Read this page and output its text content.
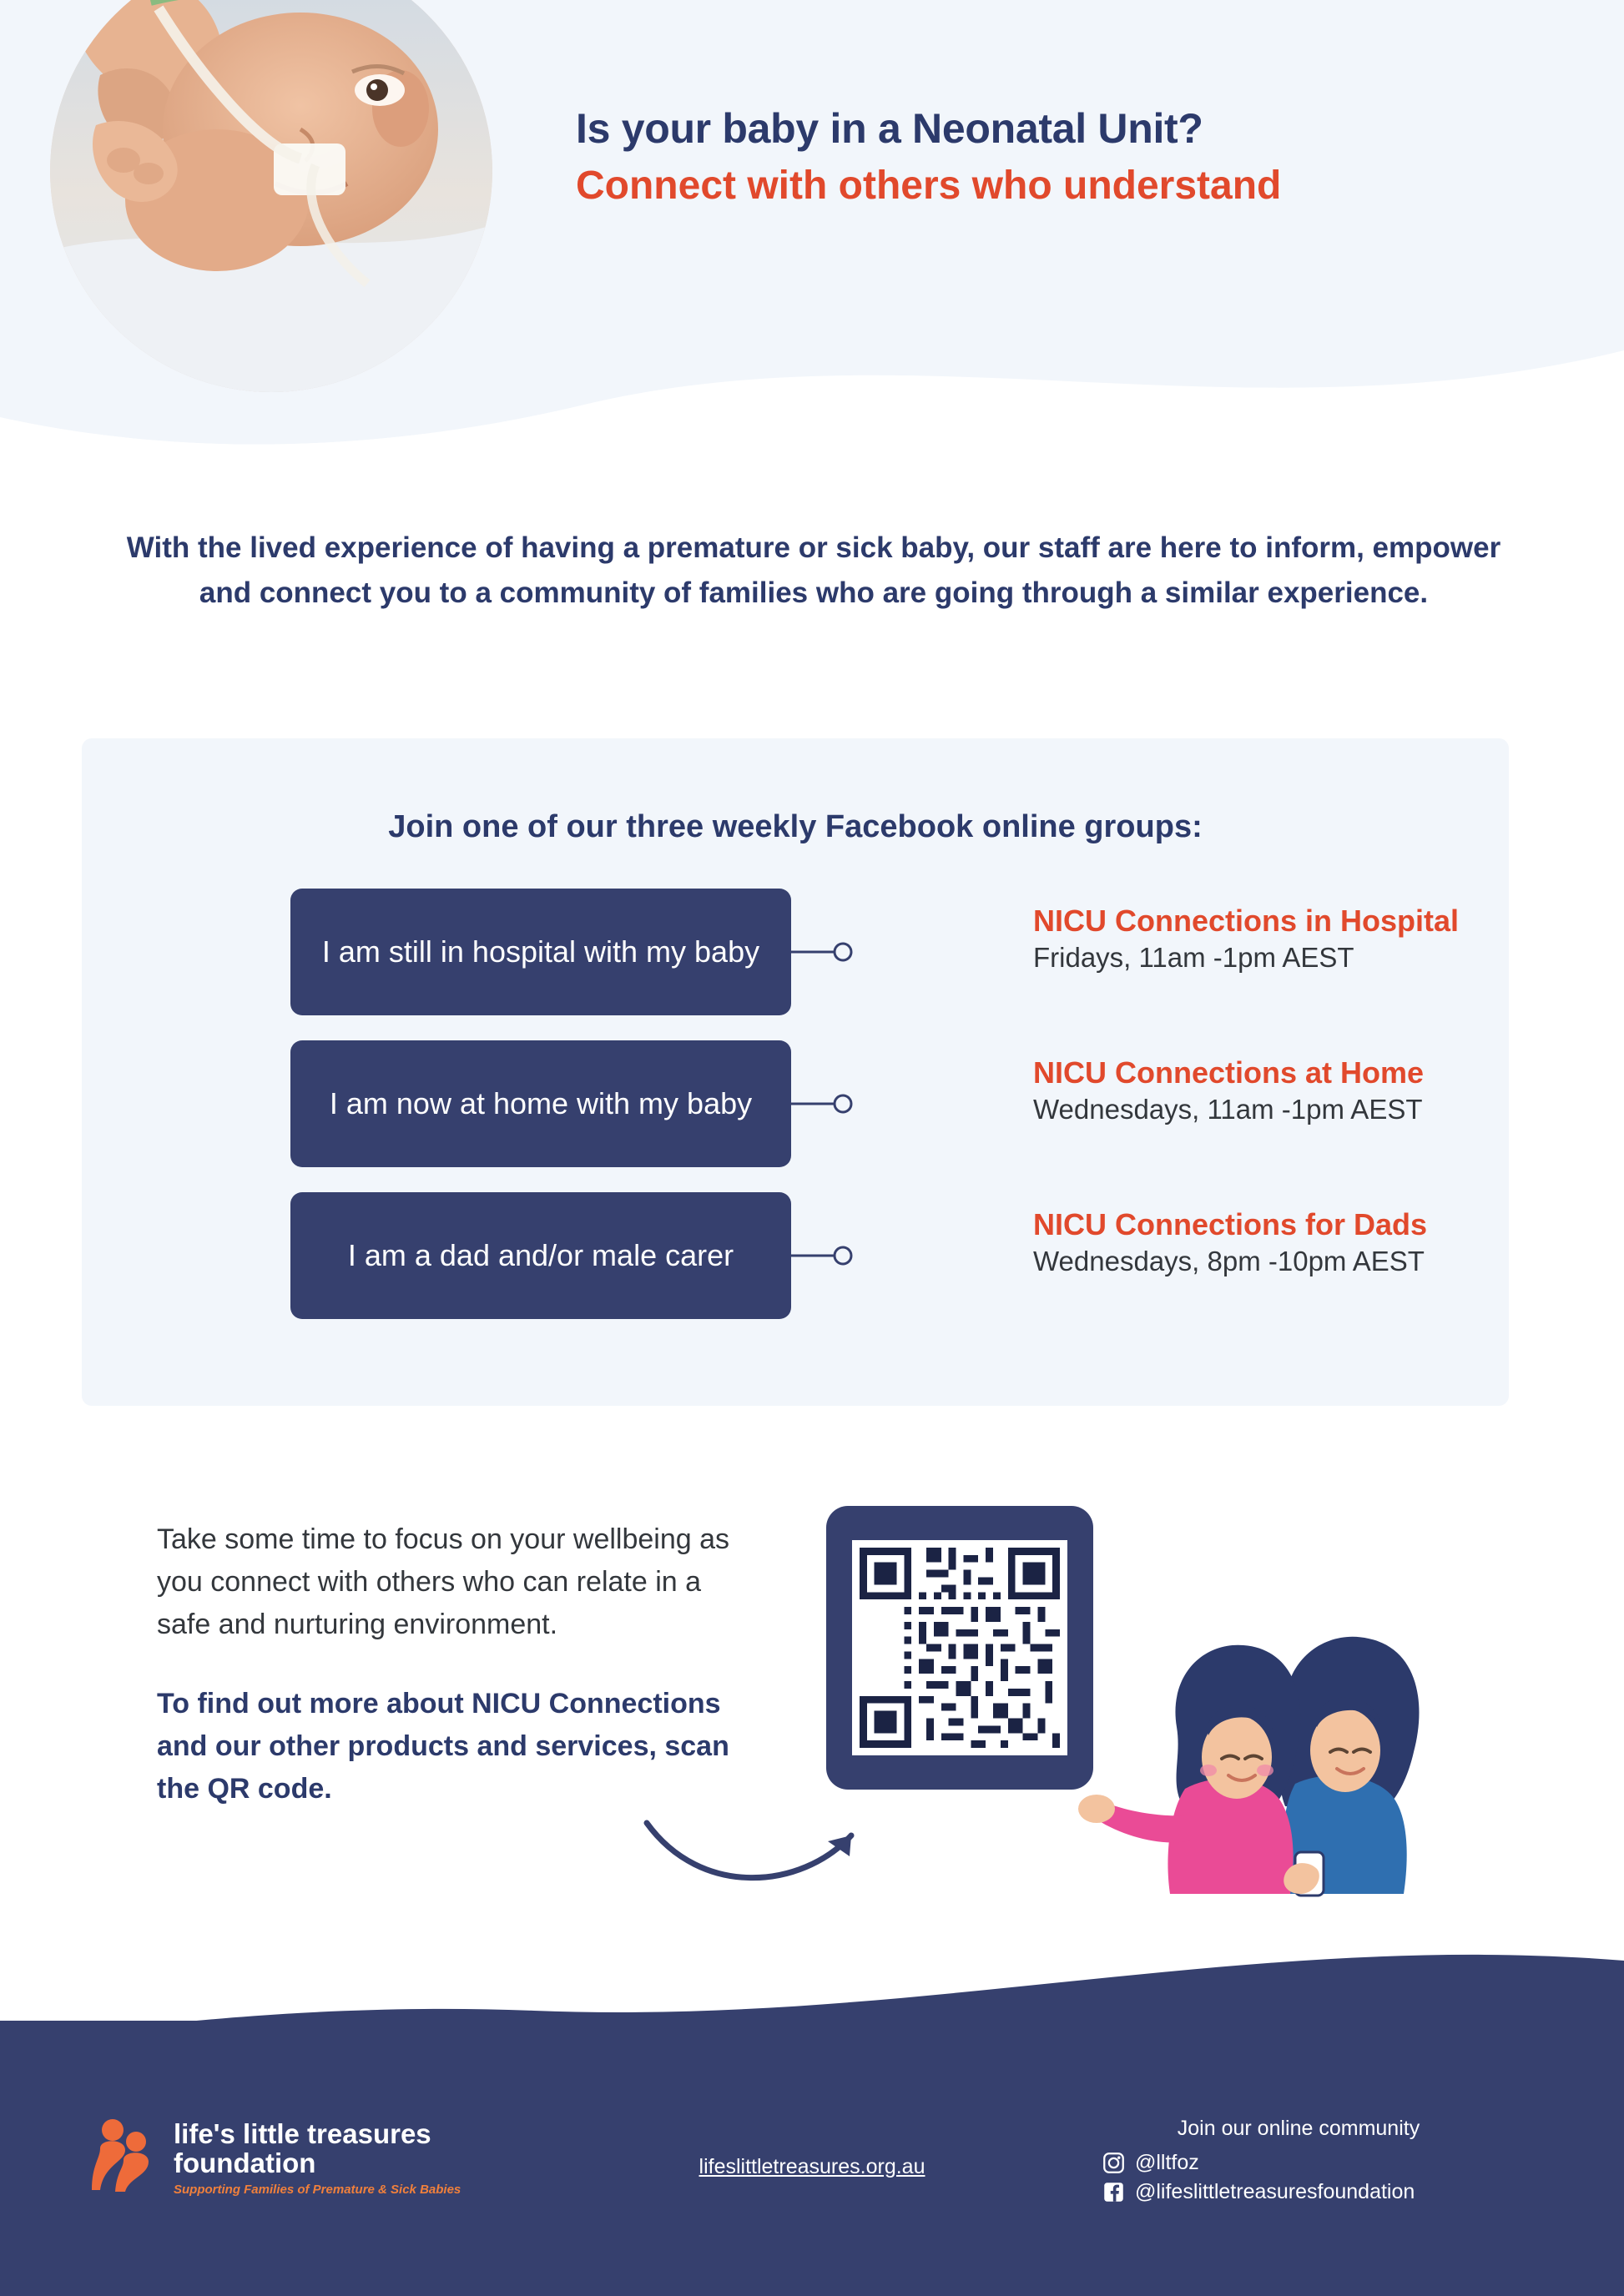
Is your baby in a Neonatal Unit?
Connect with others who understand
With the lived experience of having a premature or sick baby, our staff are here to inform, empower and connect you to a community of families who are going through a similar experience.
Join one of our three weekly Facebook online groups:
I am still in hospital with my baby
NICU Connections in Hospital
Fridays, 11am -1pm AEST
I am now at home with my baby
NICU Connections at Home
Wednesdays, 11am -1pm AEST
I am a dad and/or male carer
NICU Connections for Dads
Wednesdays, 8pm -10pm AEST

Take some time to focus on your wellbeing as you connect with others who can relate in a safe and nurturing environment.

To find out more about NICU Connections and our other products and services, scan the QR code.

life's little treasures
foundation
Supporting Families of Premature & Sick Babies
lifeslittletreasures.org.au
Join our online community
@lltfoz
@lifeslittletreasuresfoundation
